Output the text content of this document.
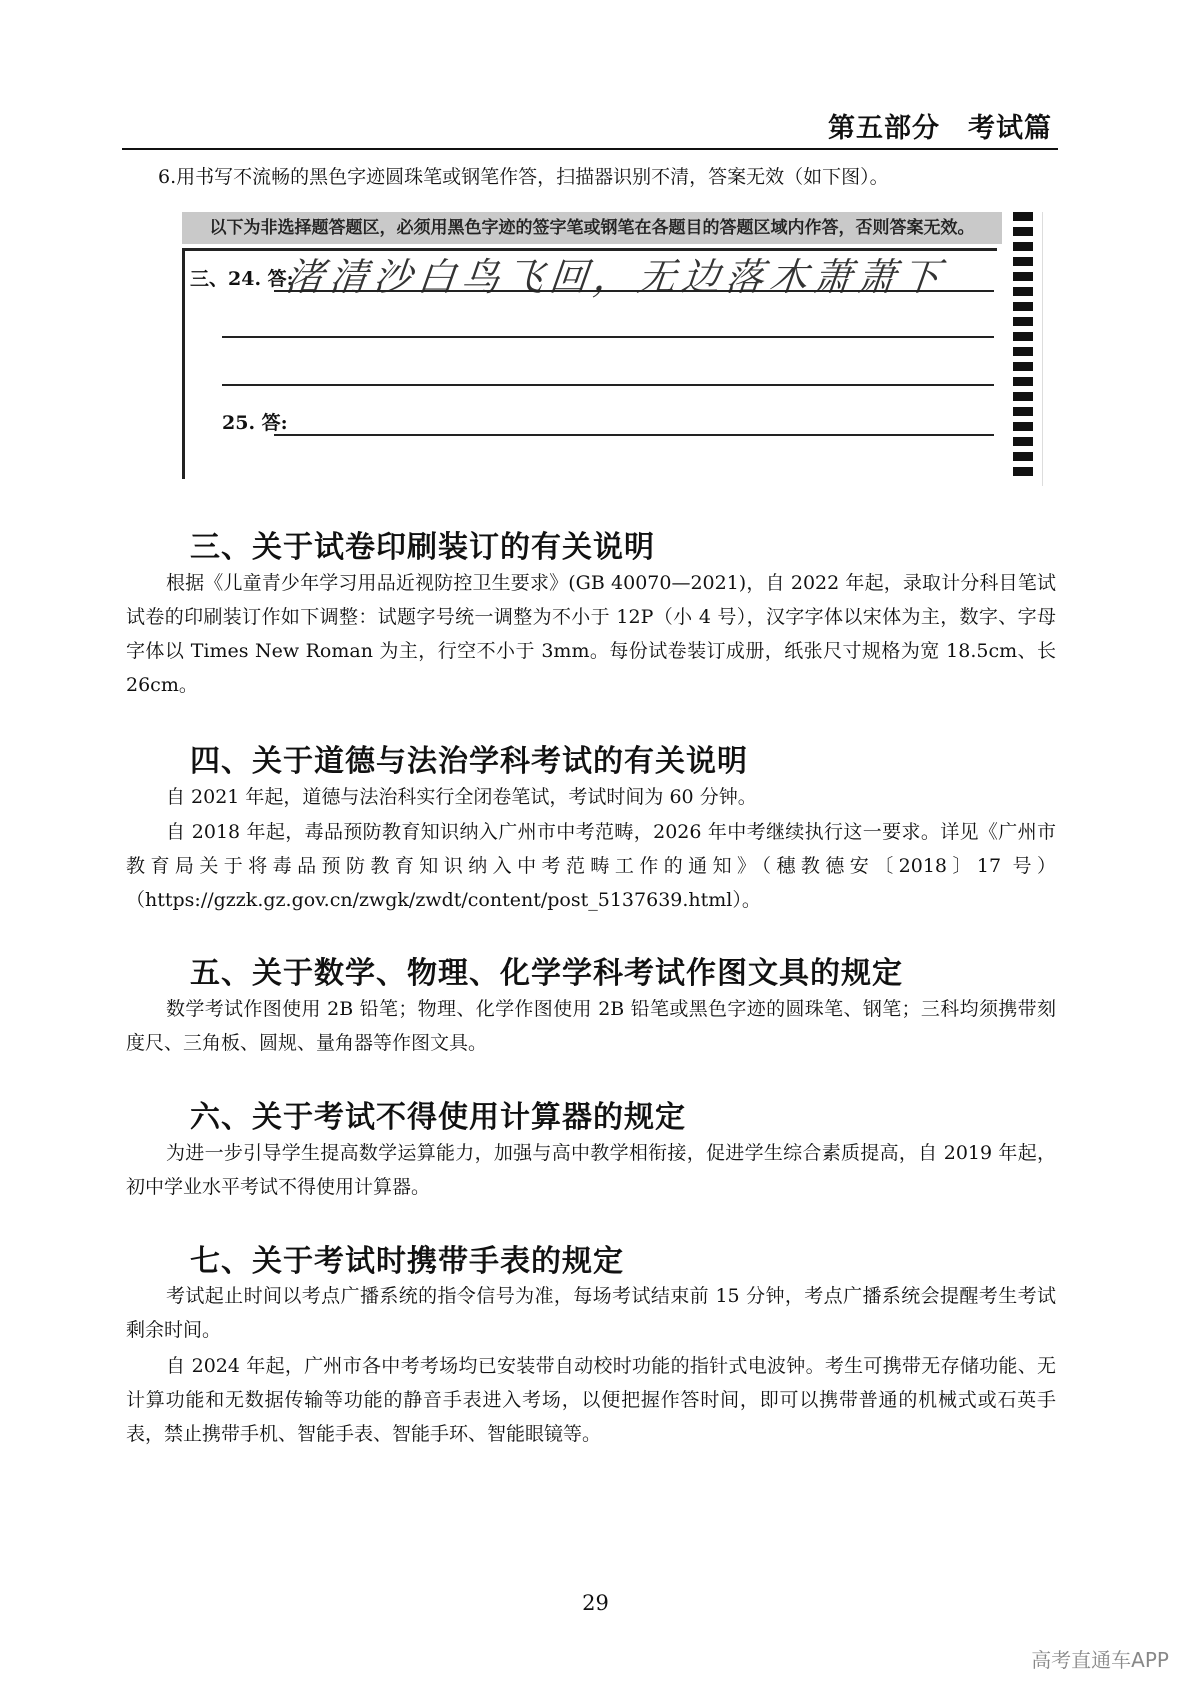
第五部分　考试篇

6.用书写不流畅的黑色字迹圆珠笔或钢笔作答，扫描器识别不清，答案无效（如下图）。

以下为非选择题答题区，必须用黑色字迹的签字笔或钢笔在各题目的答题区域内作答，否则答案无效。
三、24. 答:
渚清沙白鸟飞回，无边落木萧萧下
25. 答:
三、关于试卷印刷装订的有关说明

根据《儿童青少年学习用品近视防控卫生要求》(GB 40070—2021)，自 2022 年起，录取计分科目笔试试卷的印刷装订作如下调整：试题字号统一调整为不小于 12P（小 4 号），汉字字体以宋体为主，数字、字母字体以 Times New Roman 为主，行空不小于 3mm。每份试卷装订成册，纸张尺寸规格为宽 18.5cm、长 26cm。

四、关于道德与法治学科考试的有关说明

自 2021 年起，道德与法治科实行全闭卷笔试，考试时间为 60 分钟。

自 2018 年起，毒品预防教育知识纳入广州市中考范畴，2026 年中考继续执行这一要求。详见《广州市教育局关于将毒品预防教育知识纳入中考范畴工作的通知》（穗教德安〔2018〕17 号）（https://gzzk.gz.gov.cn/zwgk/zwdt/content/post_5137639.html）。

五、关于数学、物理、化学学科考试作图文具的规定

数学考试作图使用 2B 铅笔；物理、化学作图使用 2B 铅笔或黑色字迹的圆珠笔、钢笔；三科均须携带刻度尺、三角板、圆规、量角器等作图文具。

六、关于考试不得使用计算器的规定

为进一步引导学生提高数学运算能力，加强与高中教学相衔接，促进学生综合素质提高，自 2019 年起，初中学业水平考试不得使用计算器。

七、关于考试时携带手表的规定

考试起止时间以考点广播系统的指令信号为准，每场考试结束前 15 分钟，考点广播系统会提醒考生考试剩余时间。

自 2024 年起，广州市各中考考场均已安装带自动校时功能的指针式电波钟。考生可携带无存储功能、无计算功能和无数据传输等功能的静音手表进入考场，以便把握作答时间，即可以携带普通的机械式或石英手表，禁止携带手机、智能手表、智能手环、智能眼镜等。

29
高考直通车APP
